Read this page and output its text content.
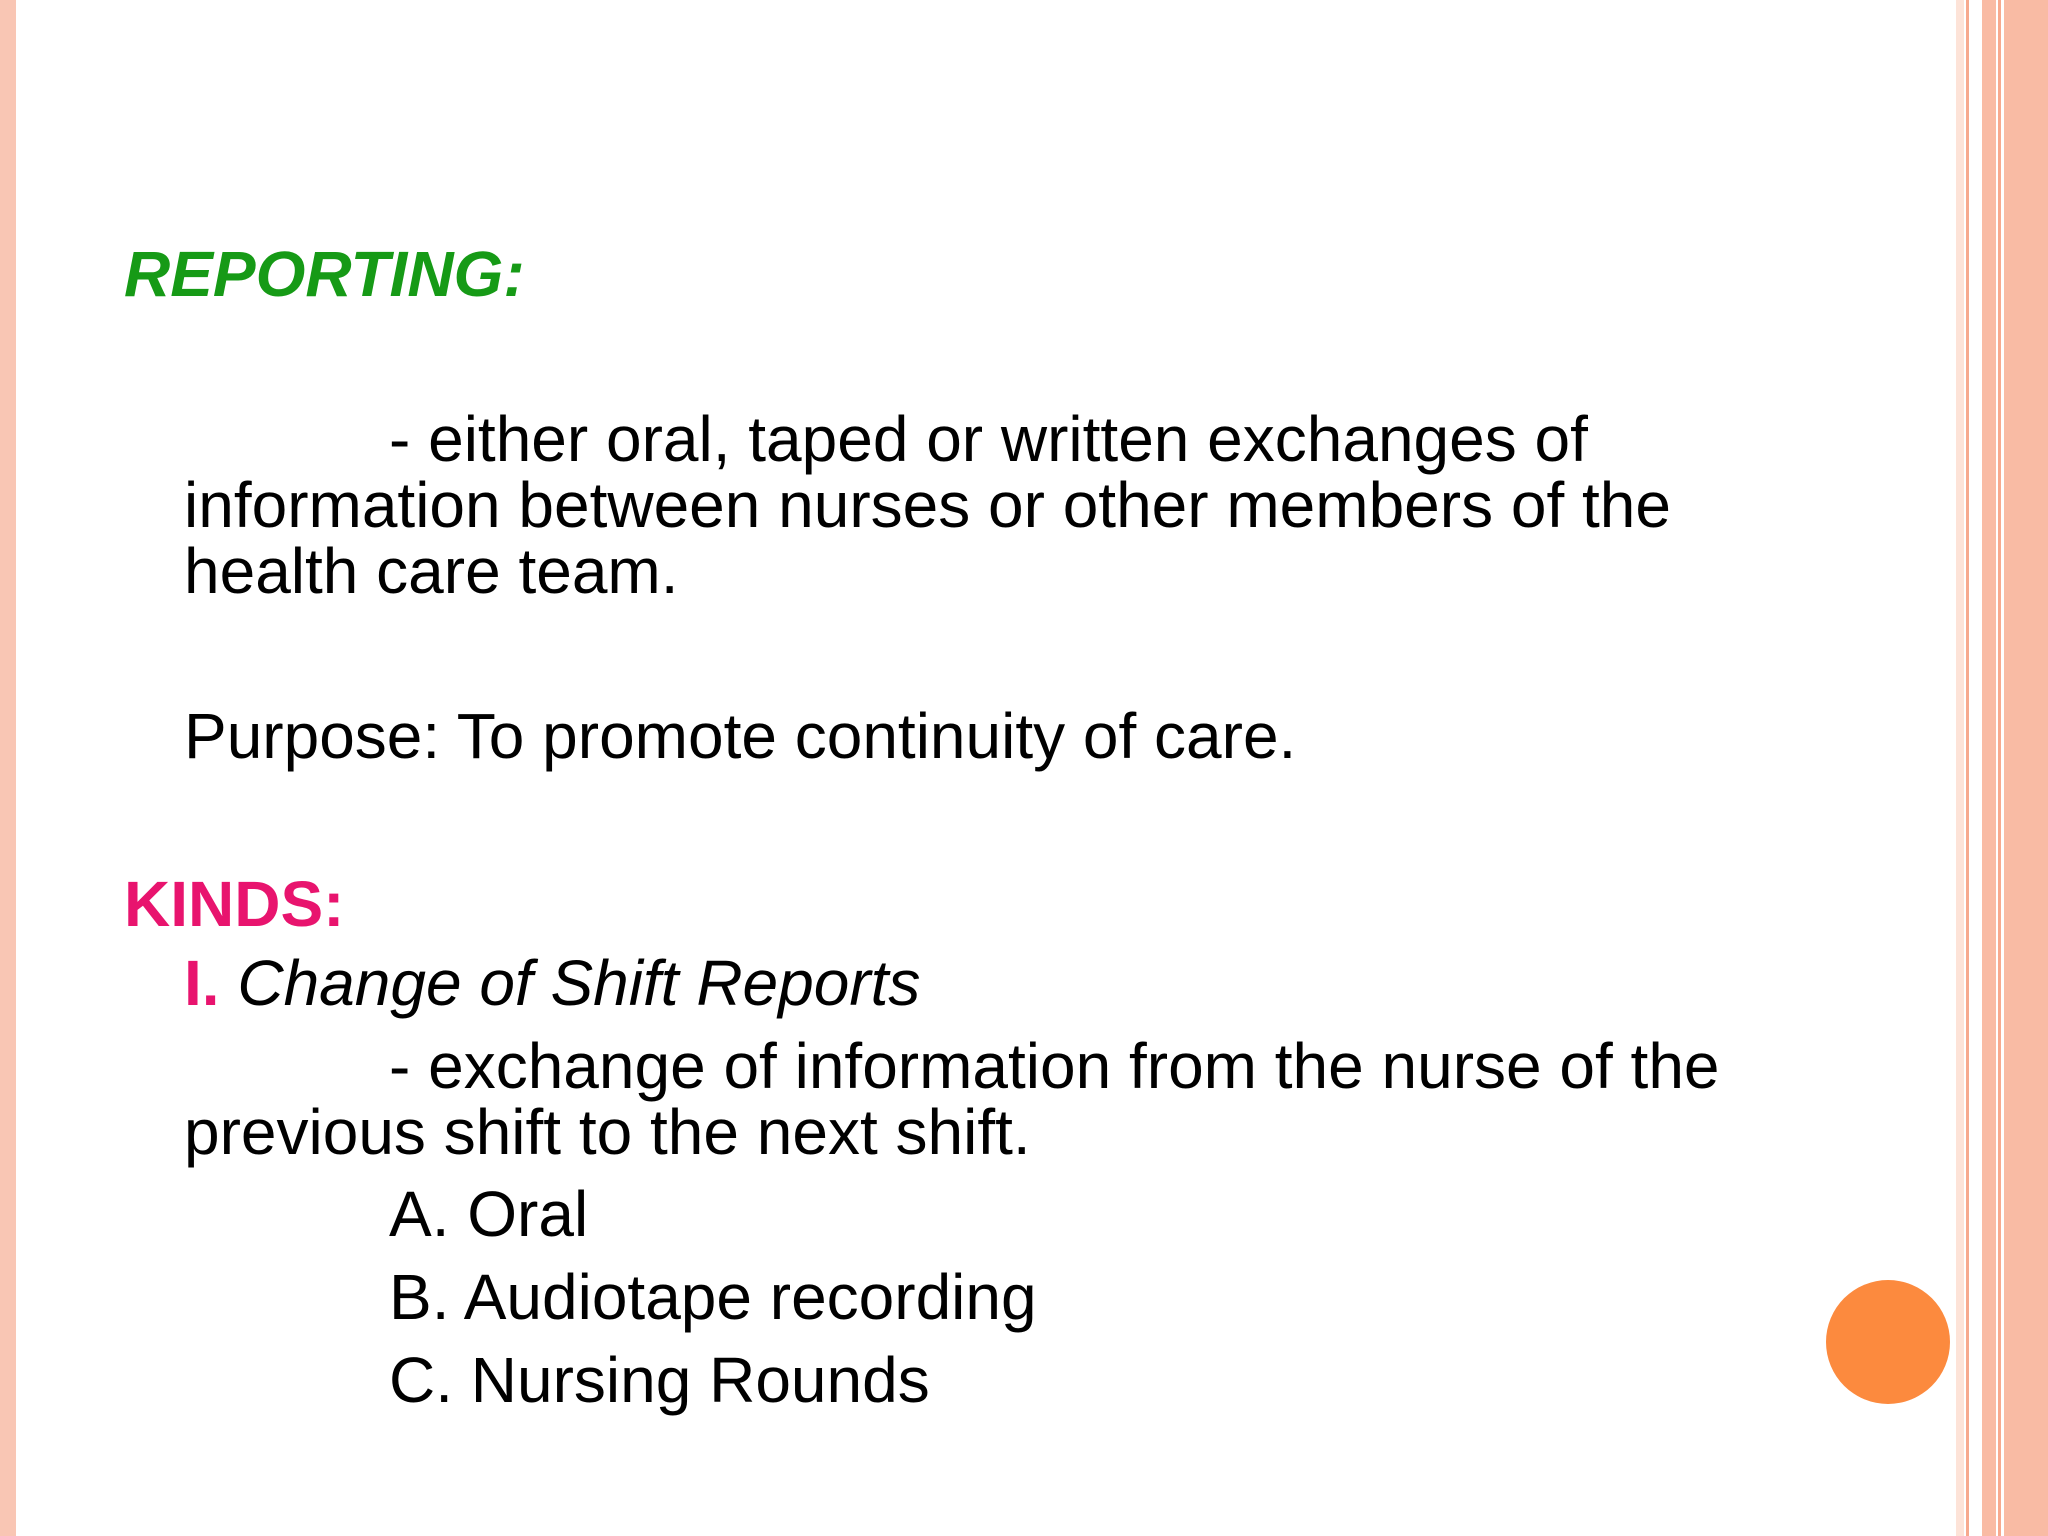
REPORTING:

- either oral, taped or written exchanges of

information between nurses or other members of the

health care team.

Purpose: To promote continuity of care.

KINDS:

I. Change of Shift Reports

- exchange of information from the nurse of the

previous shift to the next shift.

A. Oral

B. Audiotape recording

C. Nursing Rounds
